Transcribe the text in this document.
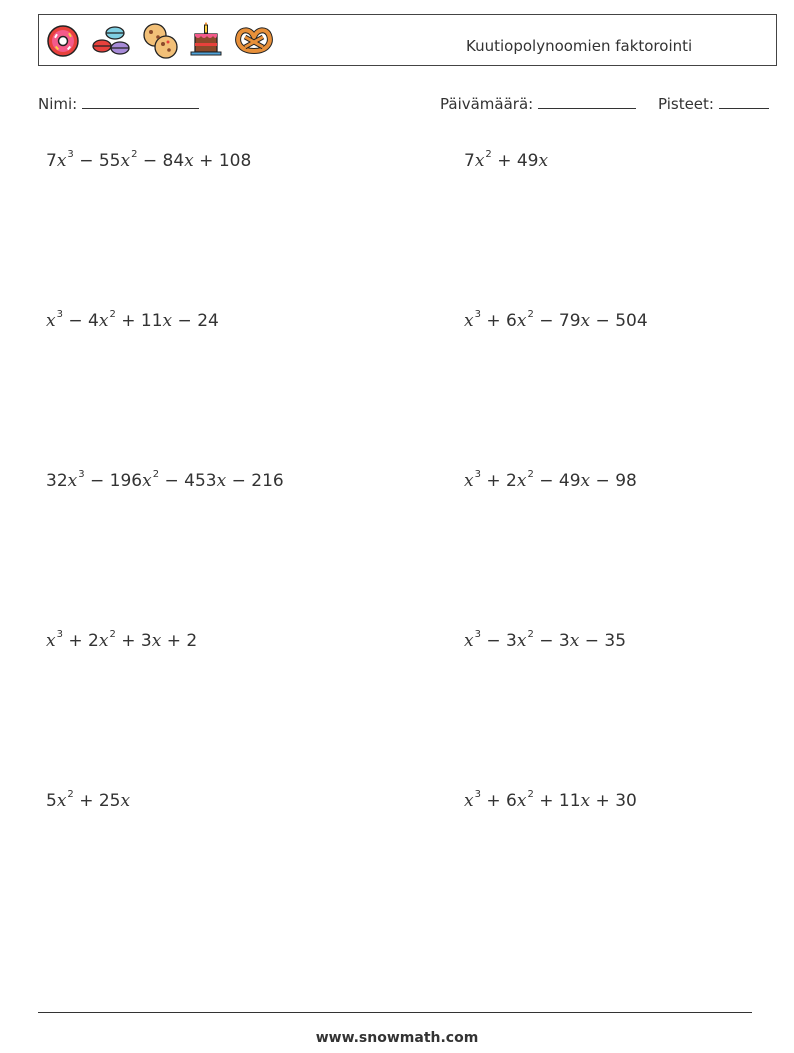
Kuutiopolynoomien faktorointi
Nimi:	Päivämäärä:	Pisteet:
$7x^3 - 55x^2 - 84x + 108$	$7x^2 + 49x$
$x^3 - 4x^2 + 11x - 24$	$x^3 + 6x^2 - 79x - 504$
$32x^3 - 196x^2 - 453x - 216$	$x^3 + 2x^2 - 49x - 98$
$x^3 + 2x^2 + 3x + 2$	$x^3 - 3x^2 - 3x - 35$
$5x^2 + 25x$	$x^3 + 6x^2 + 11x + 30$
www.snowmath.com
